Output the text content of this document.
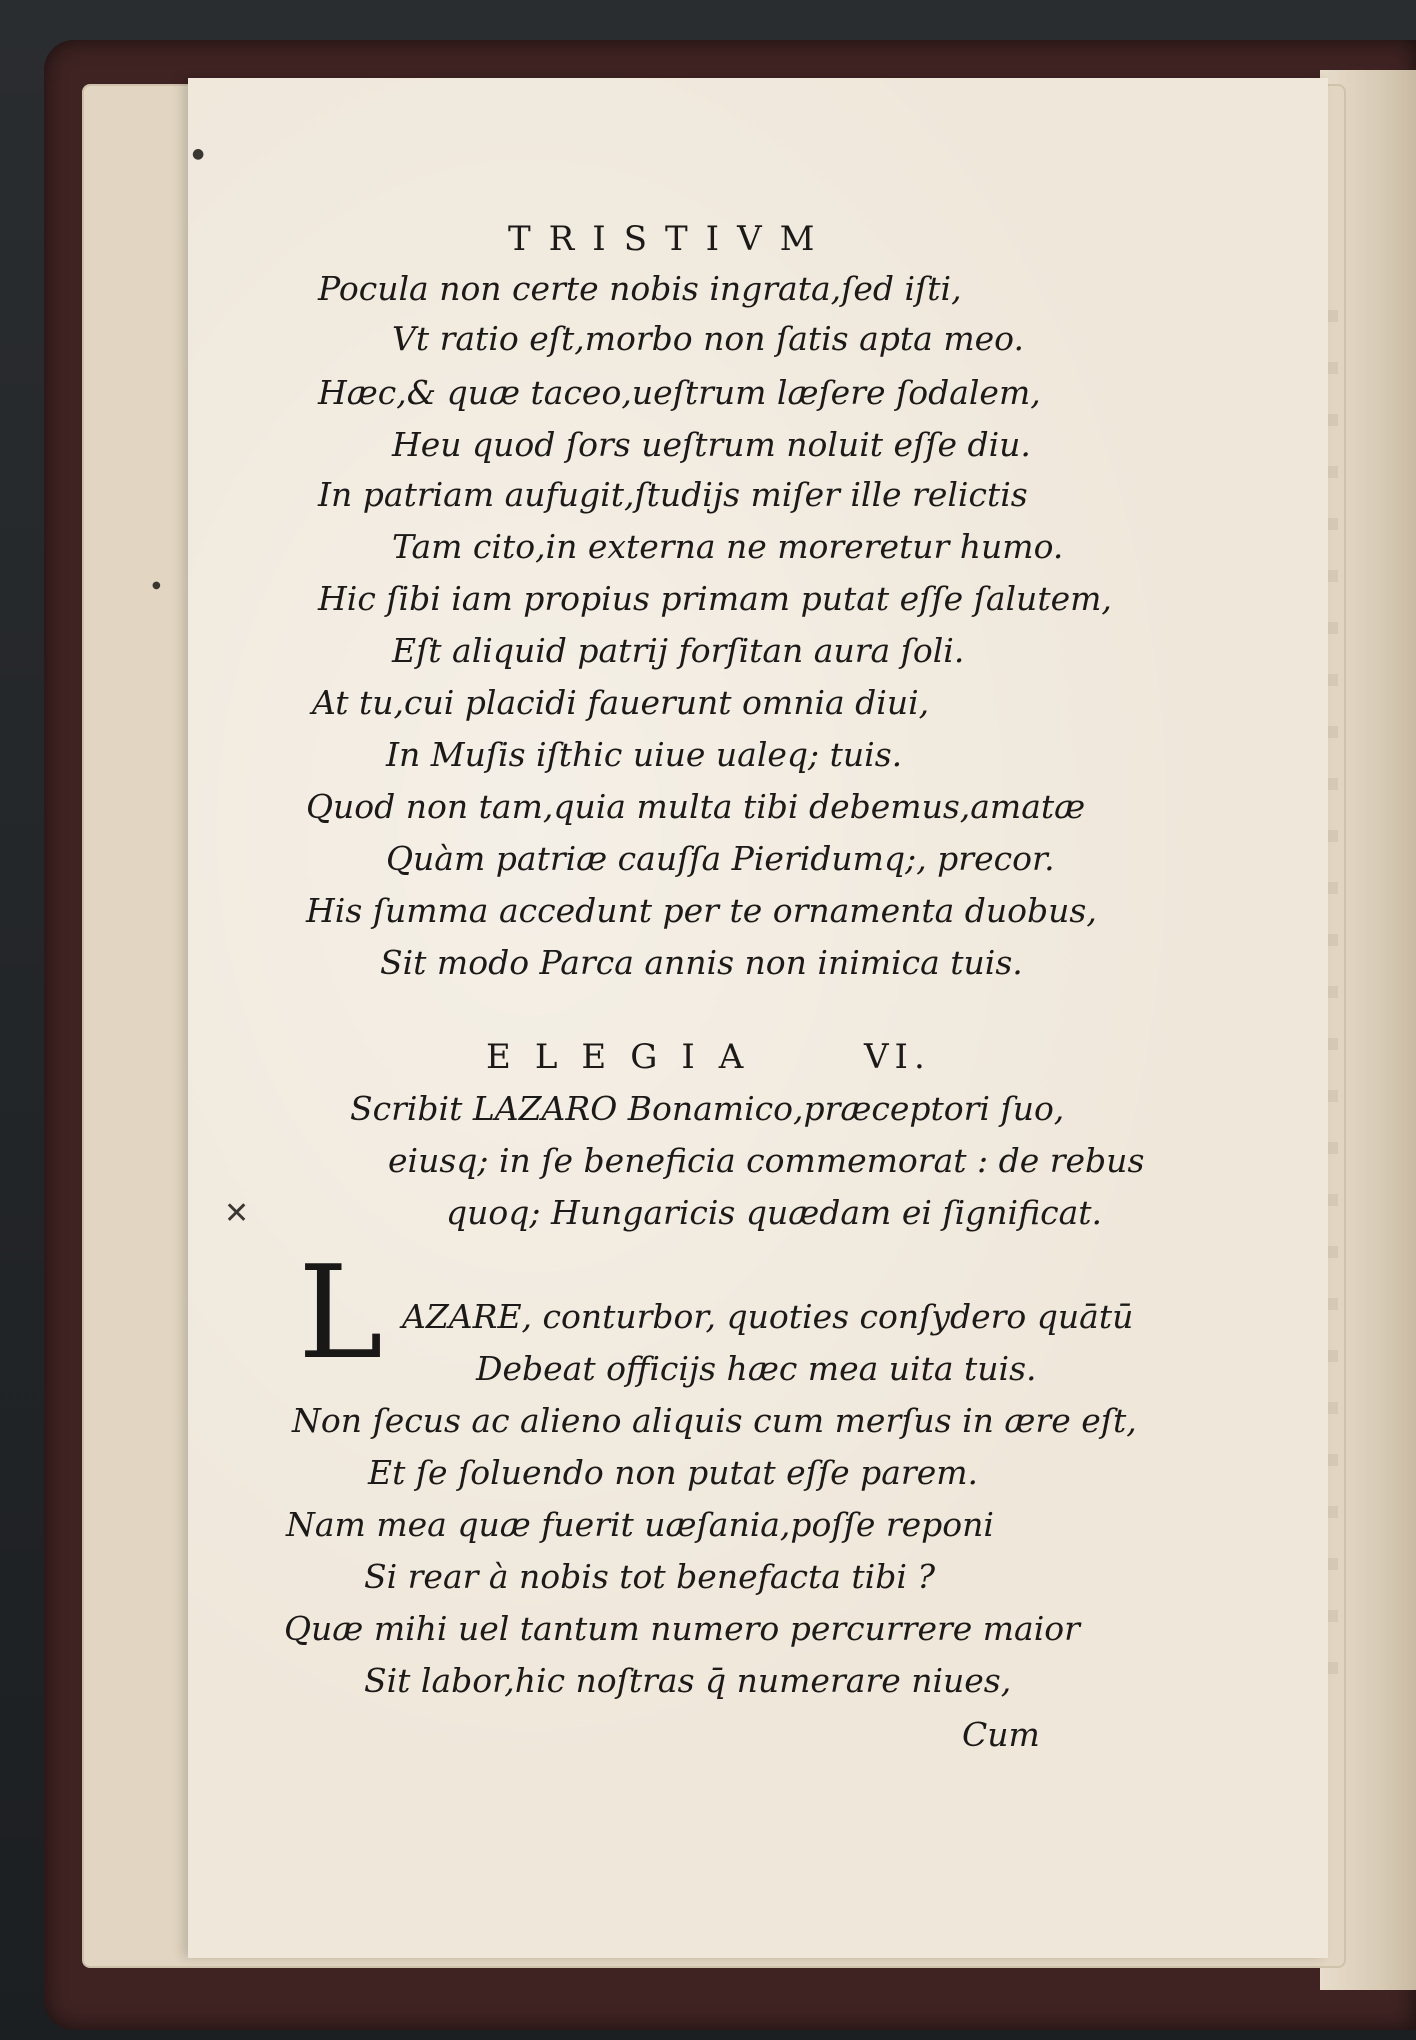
TRISTIVM
Pocula non certe nobis ingrata,ſed iſti,
Vt ratio eſt,morbo non ſatis apta meo.
Hæc,& quæ taceo,ueſtrum læſere ſodalem,
Heu quod ſors ueſtrum noluit eſſe diu.
In patriam aufugit,ſtudijs miſer ille relictis
Tam cito,in externa ne moreretur humo.
Hic ſibi iam propius primam putat eſſe ſalutem,
Eſt aliquid patrij forſitan aura ſoli.
At tu,cui placidi fauerunt omnia diui,
In Muſis iſthic uiue ualeq; tuis.
Quod non tam,quia multa tibi debemus,amatæ
Quàm patriæ cauſſa Pieridumq;, precor.
His ſumma accedunt per te ornamenta duobus,
Sit modo Parca annis non inimica tuis.
ELEGIA	VI.
Scribit LAZARO Bonamico,præceptori ſuo,
eiusq; in ſe beneficia commemorat : de rebus
quoq; Hungaricis quædam ei ſignificat.
AZARE, conturbor, quoties conſydero quātū
Debeat officijs hæc mea uita tuis.
Non ſecus ac alieno aliquis cum merſus in ære eſt,
Et ſe ſoluendo non putat eſſe parem.
Nam mea quæ fuerit uæſania,poſſe reponi
Si rear à nobis tot benefacta tibi ?
Quæ mihi uel tantum numero percurrere maior
Sit labor,hic noſtras q̄ numerare niues,
Cum
L
✕
●
●
